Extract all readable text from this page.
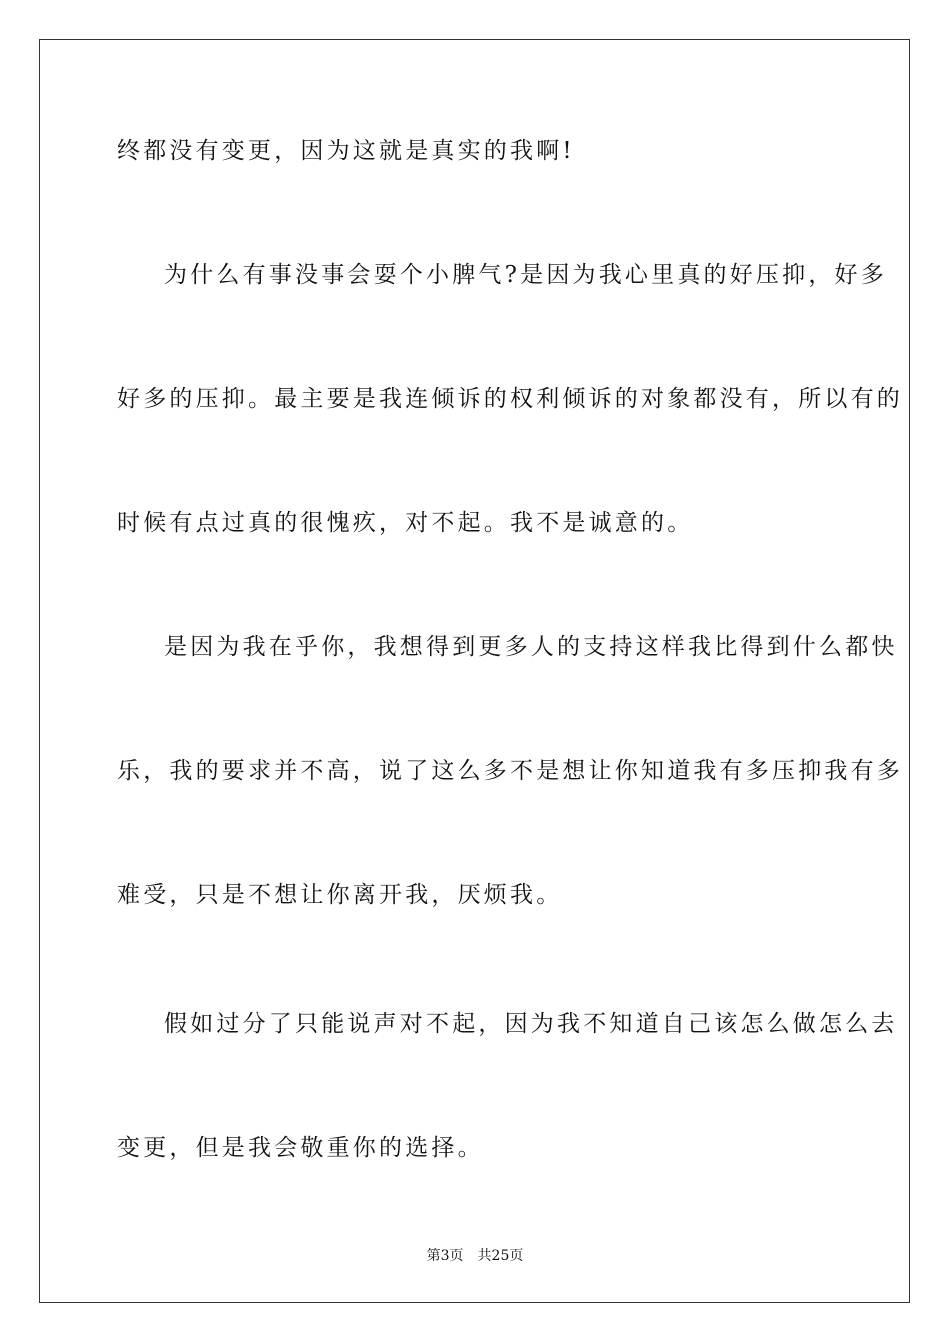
终都没有变更，因为这就是真实的我啊!
为什么有事没事会耍个小脾气?是因为我心里真的好压抑，好多
好多的压抑。最主要是我连倾诉的权利倾诉的对象都没有，所以有的
时候有点过真的很愧疚，对不起。我不是诚意的。
是因为我在乎你，我想得到更多人的支持这样我比得到什么都快
乐，我的要求并不高，说了这么多不是想让你知道我有多压抑我有多
难受，只是不想让你离开我，厌烦我。
假如过分了只能说声对不起，因为我不知道自己该怎么做怎么去
变更，但是我会敬重你的选择。
第3页 共25页
